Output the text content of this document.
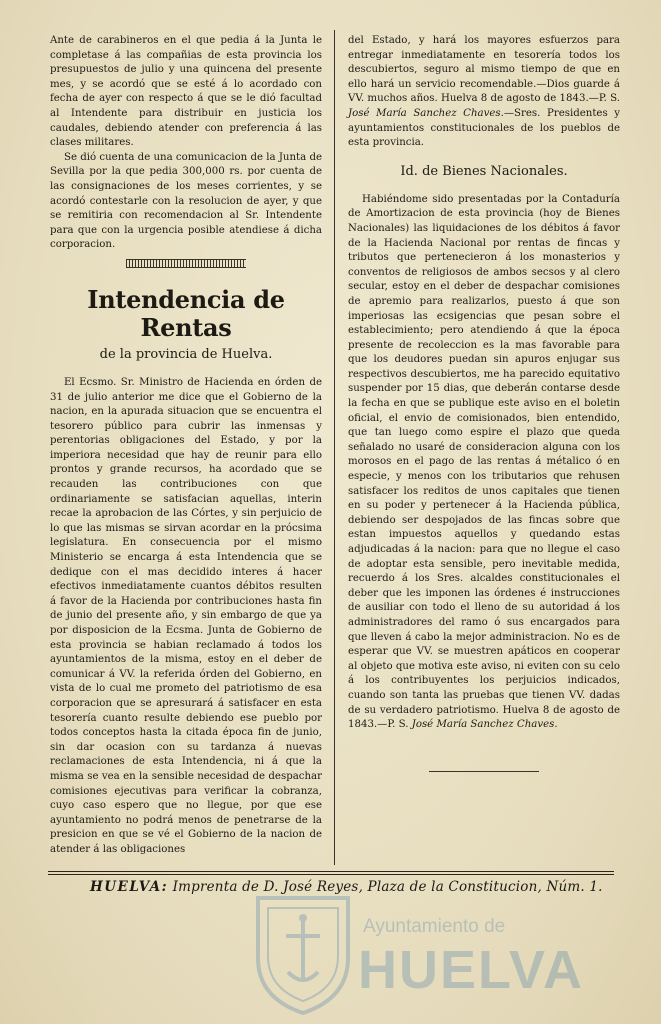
Ante de carabineros en el que pedia á la Junta le completase á las compañias de esta provincia los presupuestos de julio y una quincena del presente mes, y se acordó que se esté á lo acordado con fecha de ayer con respecto á que se le dió facultad al Intendente para distribuir en justicia los caudales, debiendo atender con preferencia á las clases militares.

Se dió cuenta de una comunicacion de la Junta de Sevilla por la que pedia 300,000 rs. por cuenta de las consignaciones de los meses corrientes, y se acordó contestarle con la resolucion de ayer, y que se remitiria con recomendacion al Sr. Intendente para que con la urgencia posible atendiese á dicha corporacion.

Intendencia de Rentas
de la provincia de Huelva.

El Ecsmo. Sr. Ministro de Hacienda en órden de 31 de julio anterior me dice que el Gobierno de la nacion, en la apurada situacion que se encuentra el tesorero público para cubrir las inmensas y perentorias obligaciones del Estado, y por la imperiora necesidad que hay de reunir para ello prontos y grande recursos, ha acordado que se recauden las contribuciones con que ordinariamente se satisfacian aquellas, interin recae la aprobacion de las Córtes, y sin perjuicio de lo que las mismas se sirvan acordar en la prócsima legislatura. En consecuencia por el mismo Ministerio se encarga á esta Intendencia que se dedique con el mas decidido interes á hacer efectivos inmediatamente cuantos débitos resulten á favor de la Hacienda por contribuciones hasta fin de junio del presente año, y sin embargo de que ya por disposicion de la Ecsma. Junta de Gobierno de esta provincia se habian reclamado á todos los ayuntamientos de la misma, estoy en el deber de comunicar á VV. la referida órden del Gobierno, en vista de lo cual me prometo del patriotismo de esa corporacion que se apresurará á satisfacer en esta tesorería cuanto resulte debiendo ese pueblo por todos conceptos hasta la citada época fin de junio, sin dar ocasion con su tardanza á nuevas reclamaciones de esta Intendencia, ni á que la misma se vea en la sensible necesidad de despachar comisiones ejecutivas para verificar la cobranza, cuyo caso espero que no llegue, por que ese ayuntamiento no podrá menos de penetrarse de la presicion en que se vé el Gobierno de la nacion de atender á las obligaciones

del Estado, y hará los mayores esfuerzos para entregar inmediatamente en tesorería todos los descubiertos, seguro al mismo tiempo de que en ello hará un servicio recomendable.—Dios guarde á VV. muchos años. Huelva 8 de agosto de 1843.—P. S. José María Sanchez Chaves.—Sres. Presidentes y ayuntamientos constitucionales de los pueblos de esta provincia.

Id. de Bienes Nacionales.

Habiéndome sido presentadas por la Contaduría de Amortizacion de esta provincia (hoy de Bienes Nacionales) las liquidaciones de los débitos á favor de la Hacienda Nacional por rentas de fincas y tributos que pertenecieron á los monasterios y conventos de religiosos de ambos secsos y al clero secular, estoy en el deber de despachar comisiones de apremio para realizarlos, puesto á que son imperiosas las ecsigencias que pesan sobre el establecimiento; pero atendiendo á que la época presente de recoleccion es la mas favorable para que los deudores puedan sin apuros enjugar sus respectivos descubiertos, me ha parecido equitativo suspender por 15 dias, que deberán contarse desde la fecha en que se publique este aviso en el boletin oficial, el envio de comisionados, bien entendido, que tan luego como espire el plazo que queda señalado no usaré de consideracion alguna con los morosos en el pago de las rentas á métalico ó en especie, y menos con los tributarios que rehusen satisfacer los reditos de unos capitales que tienen en su poder y pertenecer á la Hacienda pública, debiendo ser despojados de las fincas sobre que estan impuestos aquellos y quedando estas adjudicadas á la nacion: para que no llegue el caso de adoptar esta sensible, pero inevitable medida, recuerdo á los Sres. alcaldes constitucionales el deber que les imponen las órdenes é instrucciones de ausiliar con todo el lleno de su autoridad á los administradores del ramo ó sus encargados para que lleven á cabo la mejor administracion. No es de esperar que VV. se muestren apáticos en cooperar al objeto que motiva este aviso, ni eviten con su celo á los contribuyentes los perjuicios indicados, cuando son tanta las pruebas que tienen VV. dadas de su verdadero patriotismo. Huelva 8 de agosto de 1843.—P. S. José María Sanchez Chaves.

HUELVA: Imprenta de D. José Reyes, Plaza de la Constitucion, Núm. 1.
Ayuntamiento de
HUELVA
